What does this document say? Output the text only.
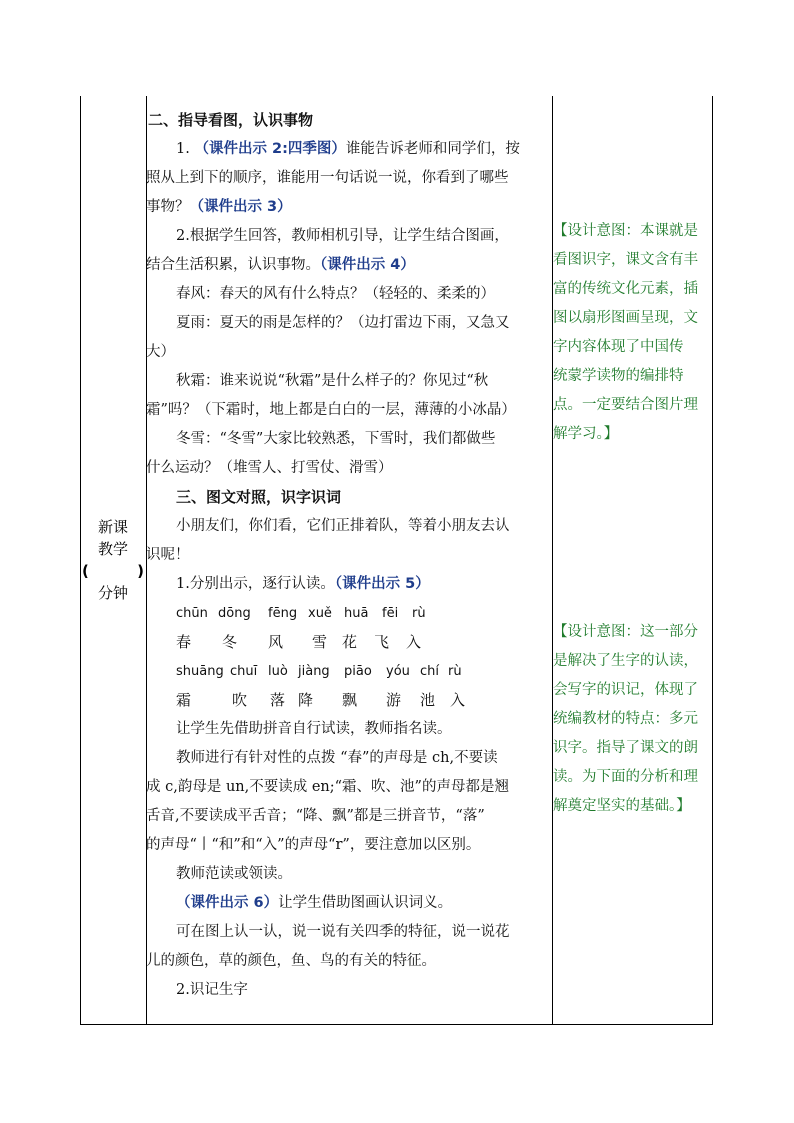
新课
教学
(	)
分钟
二、指导看图，认识事物
1. （课件出示 2:四季图）谁能告诉老师和同学们，按
照从上到下的顺序，谁能用一句话说一说，你看到了哪些
事物？（课件出示 3）
2.根据学生回答，教师相机引导，让学生结合图画，
结合生活积累，认识事物。（课件出示 4）
春风：春天的风有什么特点？（轻轻的、柔柔的）
夏雨：夏天的雨是怎样的？（边打雷边下雨，又急又
大）
秋霜：谁来说说“秋霜”是什么样子的？你见过“秋
霜”吗？（下霜时，地上都是白白的一层，薄薄的小冰晶）
冬雪：“冬雪”大家比较熟悉，下雪时，我们都做些
什么运动？（堆雪人、打雪仗、滑雪）
三、图文对照，识字识词
小朋友们，你们看，它们正排着队，等着小朋友去认
识呢！
1.分别出示，逐行认读。（课件出示 5）
chūn dōng fēng xuě huā fēi rù
春 冬 风 雪 花 飞 入
shuāng chuī luò jiàng piāo yóu chí rù
霜	吹 落 降 飘 游 池 入
让学生先借助拼音自行试读，教师指名读。
教师进行有针对性的点拨 “春”的声母是 ch,不要读
成 c,韵母是 un,不要读成 en;“霜、吹、池”的声母都是翘
舌音,不要读成平舌音；“降、飘”都是三拼音节，“落”
的声母“丨“和”和“入”的声母“r”，要注意加以区别。
教师范读或领读。
（课件出示 6）让学生借助图画认识词义。
可在图上认一认，说一说有关四季的特征，说一说花
儿的颜色，草的颜色，鱼、鸟的有关的特征。
2.识记生字
【设计意图：本课就是
看图识字，课文含有丰
富的传统文化元素，插
图以扇形图画呈现，文
字内容体现了中国传
统蒙学读物的编排特
点。一定要结合图片理
解学习。】
【设计意图：这一部分
是解决了生字的认读，
会写字的识记，体现了
统编教材的特点：多元
识字。指导了课文的朗
读。为下面的分析和理
解奠定坚实的基础。】
